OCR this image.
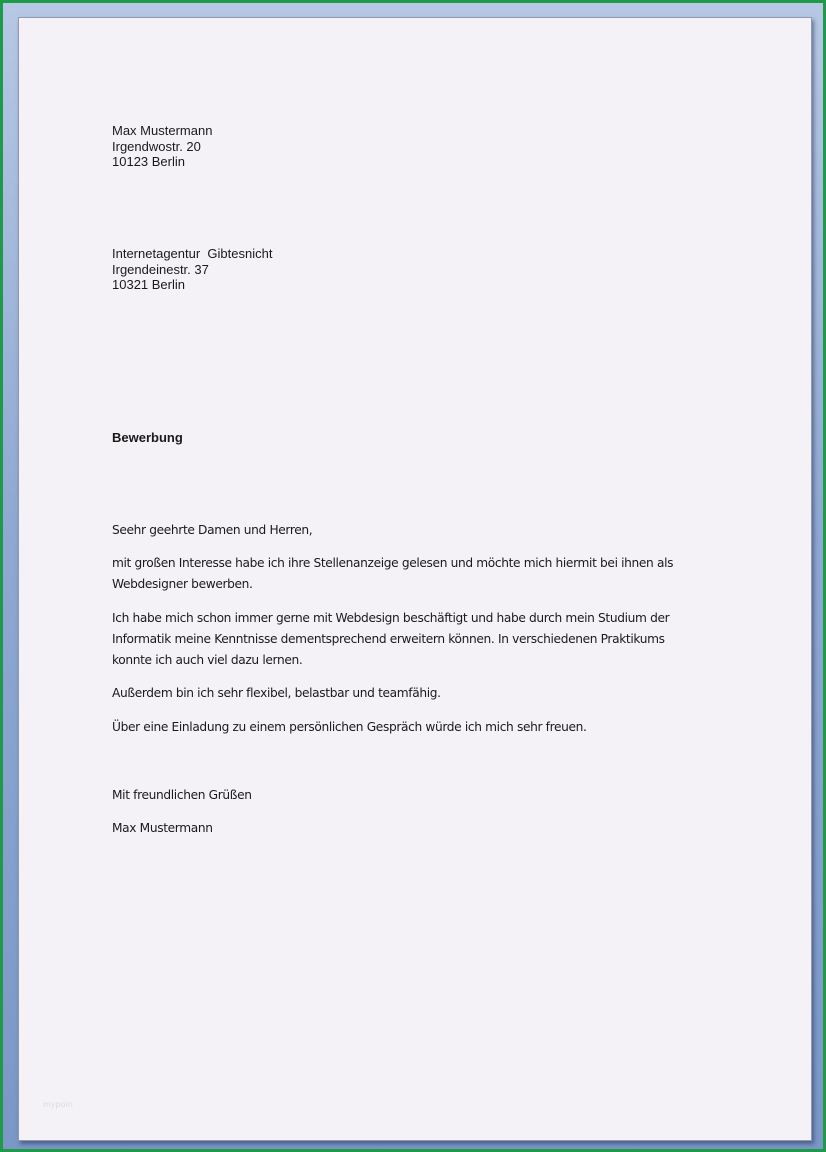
Max Mustermann
Irgendwostr. 20
10123 Berlin
Internetagentur  Gibtesnicht
Irgendeinestr. 37
10321 Berlin
Bewerbung

Seehr geehrte Damen und Herren,

mit großen Interesse habe ich ihre Stellenanzeige gelesen und möchte mich hiermit bei ihnen als
Webdesigner bewerben.

Ich habe mich schon immer gerne mit Webdesign beschäftigt und habe durch mein Studium der
Informatik meine Kenntnisse dementsprechend erweitern können. In verschiedenen Praktikums
konnte ich auch viel dazu lernen.

Außerdem bin ich sehr flexibel, belastbar und teamfähig.

Über eine Einladung zu einem persönlichen Gespräch würde ich mich sehr freuen.

Mit freundlichen Grüßen

Max Mustermann

mypoin
